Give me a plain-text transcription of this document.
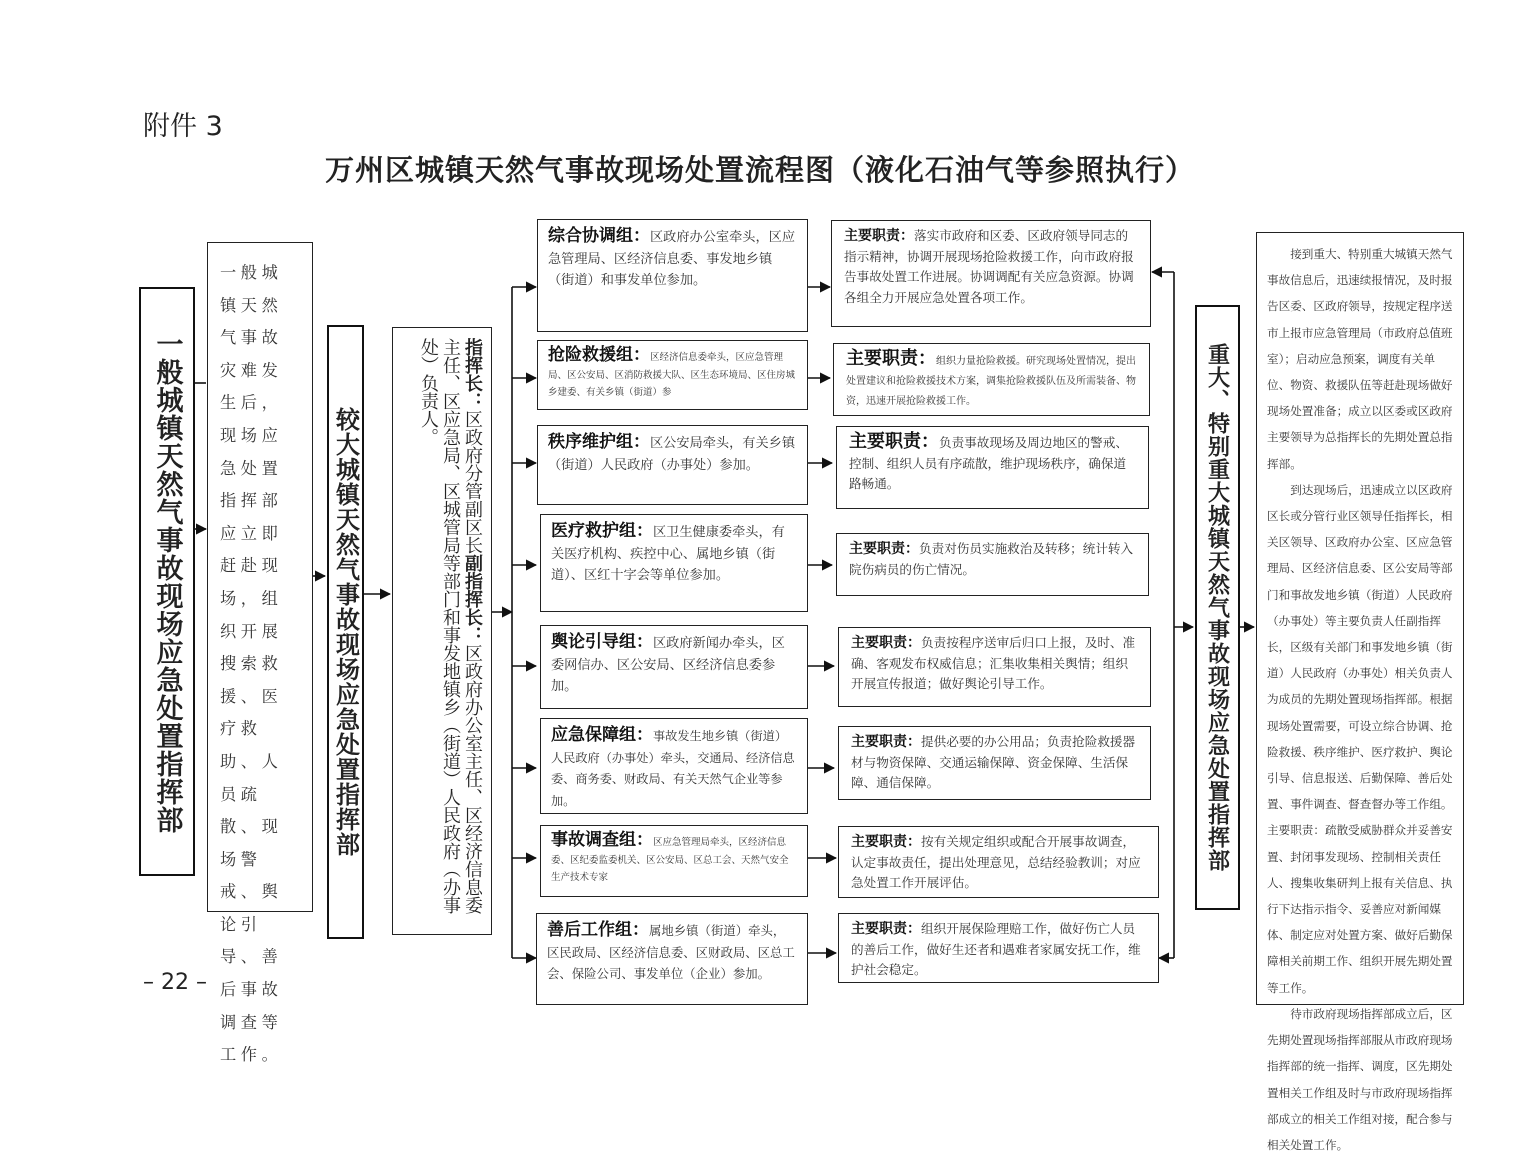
附件 3
万州区城镇天然气事故现场处置流程图（液化石油气等参照执行）
– 22 –
一般城镇天然气事故现场应急处置指挥部
一般城镇天然气事故灾难发生后，现场应急处置指挥部应立即赶赴现场，组织开展搜索救援、医疗救助、人员疏散、现场警戒、舆论引导、善后事故调查等工作。
较大城镇天然气事故现场应急处置指挥部
指挥长：区政府分管副区长副指挥长：区政府办公室主任、区经济信息委主任、区应急局、区城管局等部门和事发地镇乡（街道）人民政府（办事处）负责人。
综合协调组：区政府办公室牵头，区应急管理局、区经济信息委、事发地乡镇（街道）和事发单位参加。
抢险救援组：区经济信息委牵头，区应急管理局、区公安局、区消防救援大队、区生态环境局、区住房城乡建委、有关乡镇（街道）参
秩序维护组：区公安局牵头，有关乡镇（街道）人民政府（办事处）参加。
医疗救护组：区卫生健康委牵头，有关医疗机构、疾控中心、属地乡镇（街道）、区红十字会等单位参加。
舆论引导组：区政府新闻办牵头，区委网信办、区公安局、区经济信息委参加。
应急保障组：事故发生地乡镇（街道）人民政府（办事处）牵头，交通局、经济信息委、商务委、财政局、有关天然气企业等参加。
事故调查组：区应急管理局牵头，区经济信息委、区纪委监委机关、区公安局、区总工会、天然气安全生产技术专家
善后工作组：属地乡镇（街道）牵头，区民政局、区经济信息委、区财政局、区总工会、保险公司、事发单位（企业）参加。
主要职责：落实市政府和区委、区政府领导同志的指示精神，协调开展现场抢险救援工作，向市政府报告事故处置工作进展。协调调配有关应急资源。协调各组全力开展应急处置各项工作。
主要职责：组织力量抢险救援。研究现场处置情况，提出处置建议和抢险救援技术方案，调集抢险救援队伍及所需装备、物资，迅速开展抢险救援工作。
主要职责：负责事故现场及周边地区的警戒、控制、组织人员有序疏散，维护现场秩序，确保道路畅通。
主要职责：负责对伤员实施救治及转移；统计转入院伤病员的伤亡情况。
主要职责：负责按程序送审后归口上报，及时、准确、客观发布权威信息；汇集收集相关舆情；组织开展宣传报道；做好舆论引导工作。
主要职责：提供必要的办公用品；负责抢险救援器材与物资保障、交通运输保障、资金保障、生活保障、通信保障。
主要职责：按有关规定组织或配合开展事故调查，认定事故责任，提出处理意见，总结经验教训；对应急处置工作开展评估。
主要职责：组织开展保险理赔工作，做好伤亡人员的善后工作，做好生还者和遇难者家属安抚工作，维护社会稳定。
重大、特别重大城镇天然气事故现场应急处置指挥部

接到重大、特别重大城镇天然气事故信息后，迅速续报情况，及时报告区委、区政府领导，按规定程序送市上报市应急管理局（市政府总值班室）；启动应急预案，调度有关单位、物资、救援队伍等赶赴现场做好现场处置准备；成立以区委或区政府主要领导为总指挥长的先期处置总指挥部。

到达现场后，迅速成立以区政府区长或分管行业区领导任指挥长，相关区领导、区政府办公室、区应急管理局、区经济信息委、区公安局等部门和事故发地乡镇（街道）人民政府（办事处）等主要负责人任副指挥长，区级有关部门和事发地乡镇（街道）人民政府（办事处）相关负责人为成员的先期处置现场指挥部。根据现场处置需要，可设立综合协调、抢险救援、秩序维护、医疗救护、舆论引导、信息报送、后勤保障、善后处置、事件调查、督查督办等工作组。主要职责：疏散受威胁群众并妥善安置、封闭事发现场、控制相关责任人、搜集收集研判上报有关信息、执行下达指示指令、妥善应对新闻媒体、制定应对处置方案、做好后勤保障相关前期工作、组织开展先期处置等工作。

待市政府现场指挥部成立后，区先期处置现场指挥部服从市政府现场指挥部的统一指挥、调度，区先期处置相关工作组及时与市政府现场指挥部成立的相关工作组对接，配合参与相关处置工作。
